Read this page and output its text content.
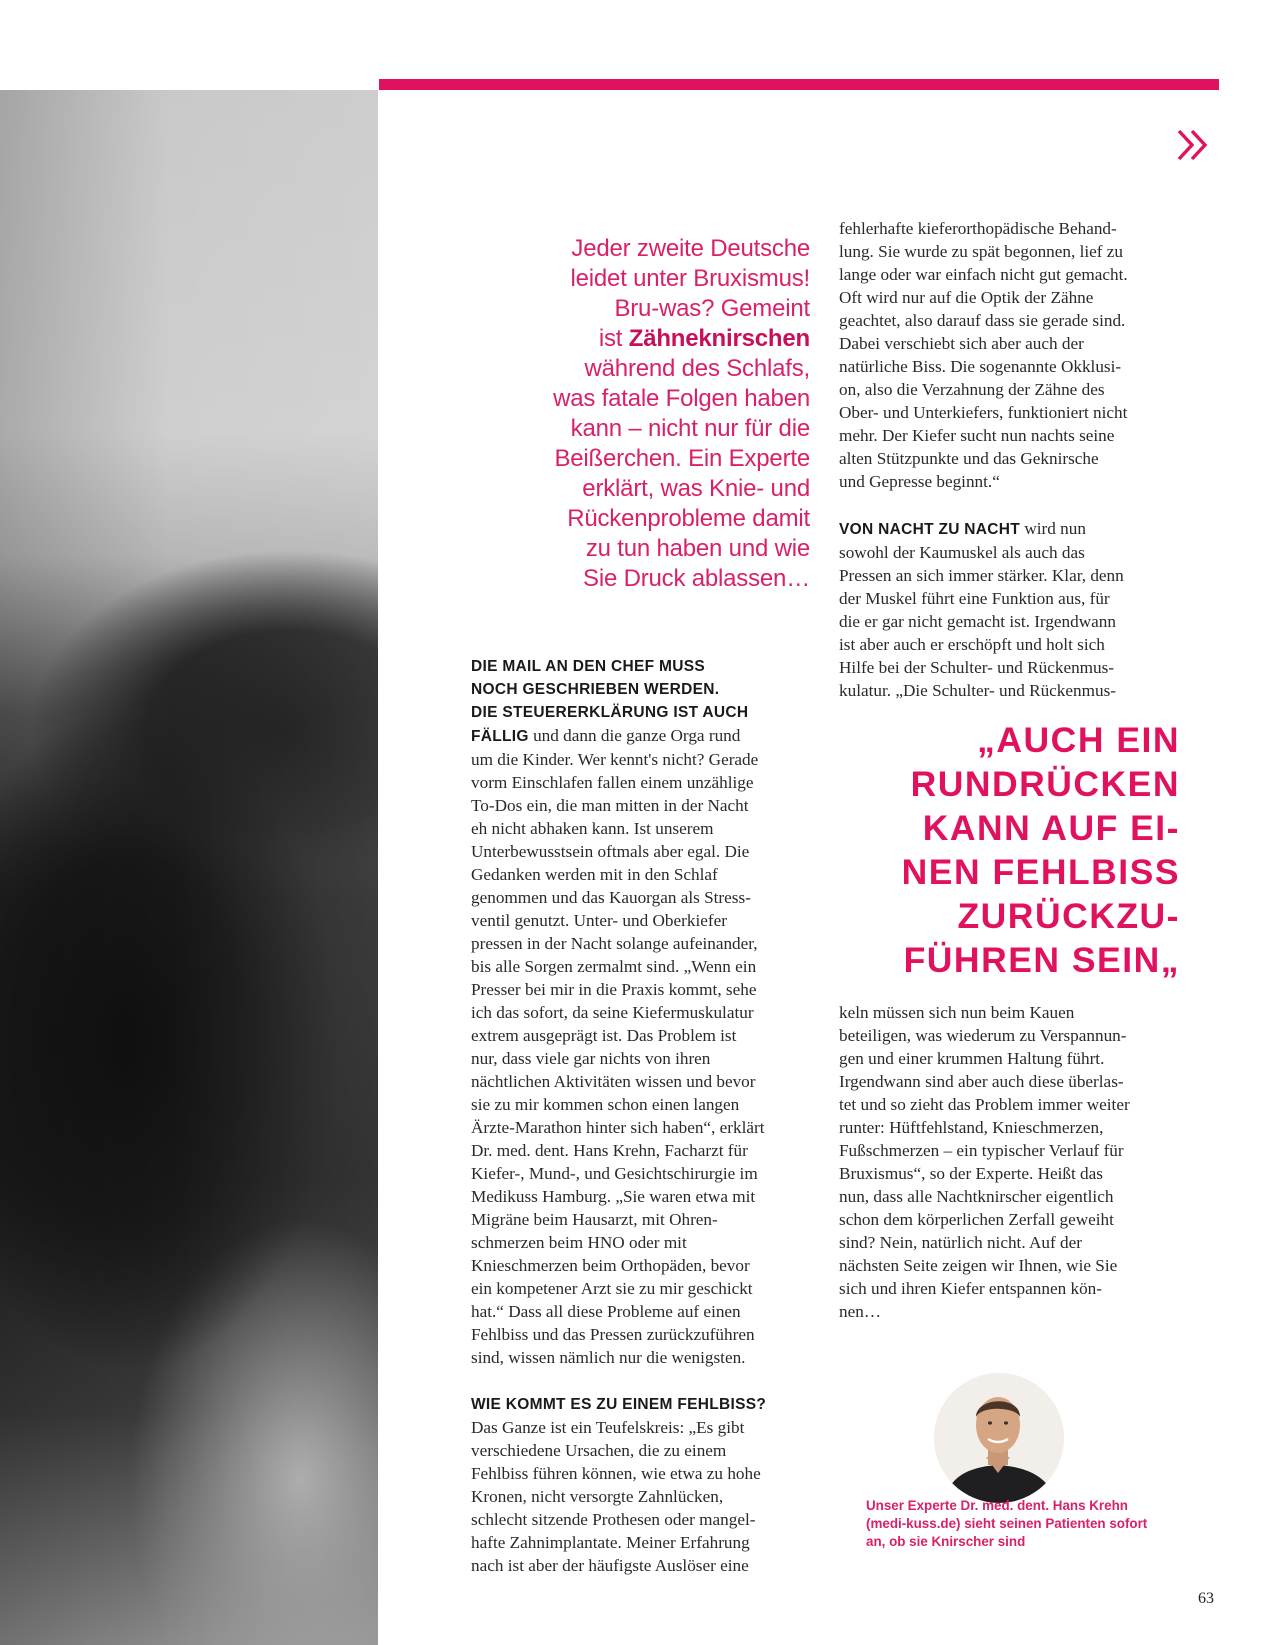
Jeder zweite Deutsche
leidet unter Bruxismus!
Bru-was? Gemeint
ist Zähneknirschen
während des Schlafs,
was fatale Folgen haben
kann – nicht nur für die
Beißerchen. Ein Experte
erklärt, was Knie- und
Rückenprobleme damit
zu tun haben und wie
Sie Druck ablassen…
DIE MAIL AN DEN CHEF MUSS
NOCH GESCHRIEBEN WERDEN.
DIE STEUERERKLÄRUNG IST AUCH
FÄLLIG und dann die ganze Orga rund
um die Kinder. Wer kennt's nicht? Gerade
vorm Einschlafen fallen einem unzählige
To-Dos ein, die man mitten in der Nacht
eh nicht abhaken kann. Ist unserem
Unterbewusstsein oftmals aber egal. Die
Gedanken werden mit in den Schlaf
genommen und das Kauorgan als Stress-
ventil genutzt. Unter- und Oberkiefer
pressen in der Nacht solange aufeinander,
bis alle Sorgen zermalmt sind. „Wenn ein
Presser bei mir in die Praxis kommt, sehe
ich das sofort, da seine Kiefermuskulatur
extrem ausgeprägt ist. Das Problem ist
nur, dass viele gar nichts von ihren
nächtlichen Aktivitäten wissen und bevor
sie zu mir kommen schon einen langen
Ärzte-Marathon hinter sich haben“, erklärt
Dr. med. dent. Hans Krehn, Facharzt für
Kiefer-, Mund-, und Gesichtschirurgie im
Medikuss Hamburg. „Sie waren etwa mit
Migräne beim Hausarzt, mit Ohren-
schmerzen beim HNO oder mit
Knieschmerzen beim Orthopäden, bevor
ein kompetener Arzt sie zu mir geschickt
hat.“ Dass all diese Probleme auf einen
Fehlbiss und das Pressen zurückzuführen
sind, wissen nämlich nur die wenigsten.
WIE KOMMT ES ZU EINEM FEHLBISS?
Das Ganze ist ein Teufelskreis: „Es gibt
verschiedene Ursachen, die zu einem
Fehlbiss führen können, wie etwa zu hohe
Kronen, nicht versorgte Zahnlücken,
schlecht sitzende Prothesen oder mangel-
hafte Zahnimplantate. Meiner Erfahrung
nach ist aber der häufigste Auslöser eine
fehlerhafte kieferorthopädische Behand-
lung. Sie wurde zu spät begonnen, lief zu
lange oder war einfach nicht gut gemacht.
Oft wird nur auf die Optik der Zähne
geachtet, also darauf dass sie gerade sind.
Dabei verschiebt sich aber auch der
natürliche Biss. Die sogenannte Okklusi-
on, also die Verzahnung der Zähne des
Ober- und Unterkiefers, funktioniert nicht
mehr. Der Kiefer sucht nun nachts seine
alten Stützpunkte und das Geknirsche
und Gepresse beginnt.“
VON NACHT ZU NACHT wird nun
sowohl der Kaumuskel als auch das
Pressen an sich immer stärker. Klar, denn
der Muskel führt eine Funktion aus, für
die er gar nicht gemacht ist. Irgendwann
ist aber auch er erschöpft und holt sich
Hilfe bei der Schulter- und Rückenmus-
kulatur. „Die Schulter- und Rückenmus-
„AUCH EIN
RUNDRÜCKEN
KANN AUF EI-
NEN FEHLBISS
ZURÜCKZU-
FÜHREN SEIN„
keln müssen sich nun beim Kauen
beteiligen, was wiederum zu Verspannun-
gen und einer krummen Haltung führt.
Irgendwann sind aber auch diese überlas-
tet und so zieht das Problem immer weiter
runter: Hüftfehlstand, Knieschmerzen,
Fußschmerzen – ein typischer Verlauf für
Bruxismus“, so der Experte. Heißt das
nun, dass alle Nachtknirscher eigentlich
schon dem körperlichen Zerfall geweiht
sind? Nein, natürlich nicht. Auf der
nächsten Seite zeigen wir Ihnen, wie Sie
sich und ihren Kiefer entspannen kön-
nen…
Unser Experte Dr. med. dent. Hans Krehn
(medi-kuss.de) sieht seinen Patienten sofort
an, ob sie Knirscher sind
63
